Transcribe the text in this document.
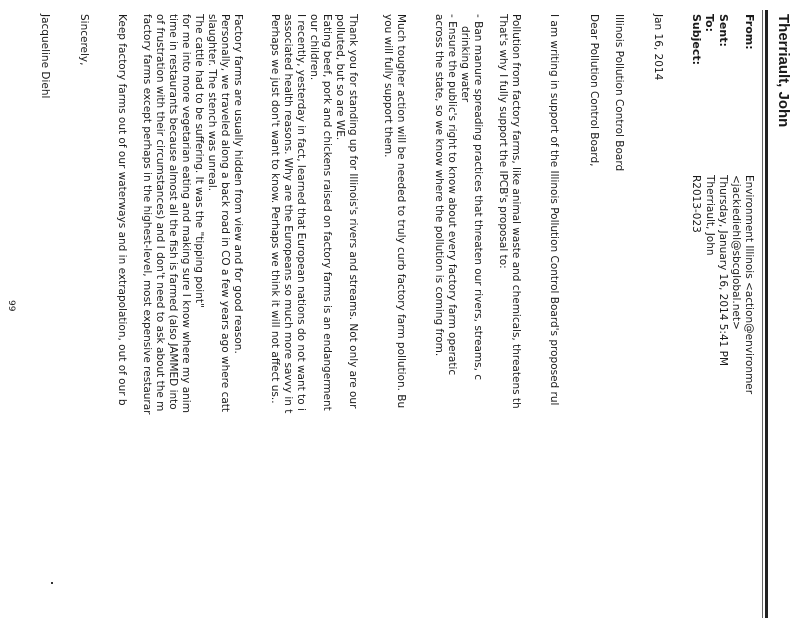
Therriault, John
From:
Environment Illinois <action@environmer
<jackiediehl@sbcglobal.net>
Sent:
Thursday, January 16, 2014 5:41 PM
To:
Therriault, John
Subject:
R2013-023
Jan 16, 2014
Illinois Pollution Control Board
Dear Pollution Control Board,
I am writing in support of the Illinois Pollution Control Board's proposed rul
Pollution from factory farms, like animal waste and chemicals, threatens th
That's why I fully support the IPCB's proposal to:
- Ban manure spreading practices that threaten our rivers, streams, c
drinking water
- Ensure the public's right to know about every factory farm operatic
across the state, so we know where the pollution is coming from.
Much tougher action will be needed to truly curb factory farm pollution. Bu
you will fully support them.
Thank you for standing up for Illinois's rivers and streams. Not only are our
polluted, but so are WE.
Eating beef, pork and chickens raised on factory farms is an endangerment
our children.
I recently, yesterday in fact, learned that European nations do not want to i
associated health reasons. Why are the Europeans so much more savvy in t
Perhaps we just don't want to know. Perhaps we think it will not affect us..
Factory farms are usually hidden from view and for good reason.
Personally, we traveled along a back road in CO a few years ago where catt
slaughter. The stench was unreal.
The cattle had to be suffering. It was the "tipping point"
for me into more vegetarian eating and making sure I know where my anim
time in restaurants because almost all the fish is farmed (also JAMMED into
of frustration with their circumstances) and I don't need to ask about the m
factory farms except perhaps in the highest-level, most expensive restaurar
Keep factory farms out of our waterways and in extrapolation, out of our b
Sincerely,
Jacqueline Diehl
99
